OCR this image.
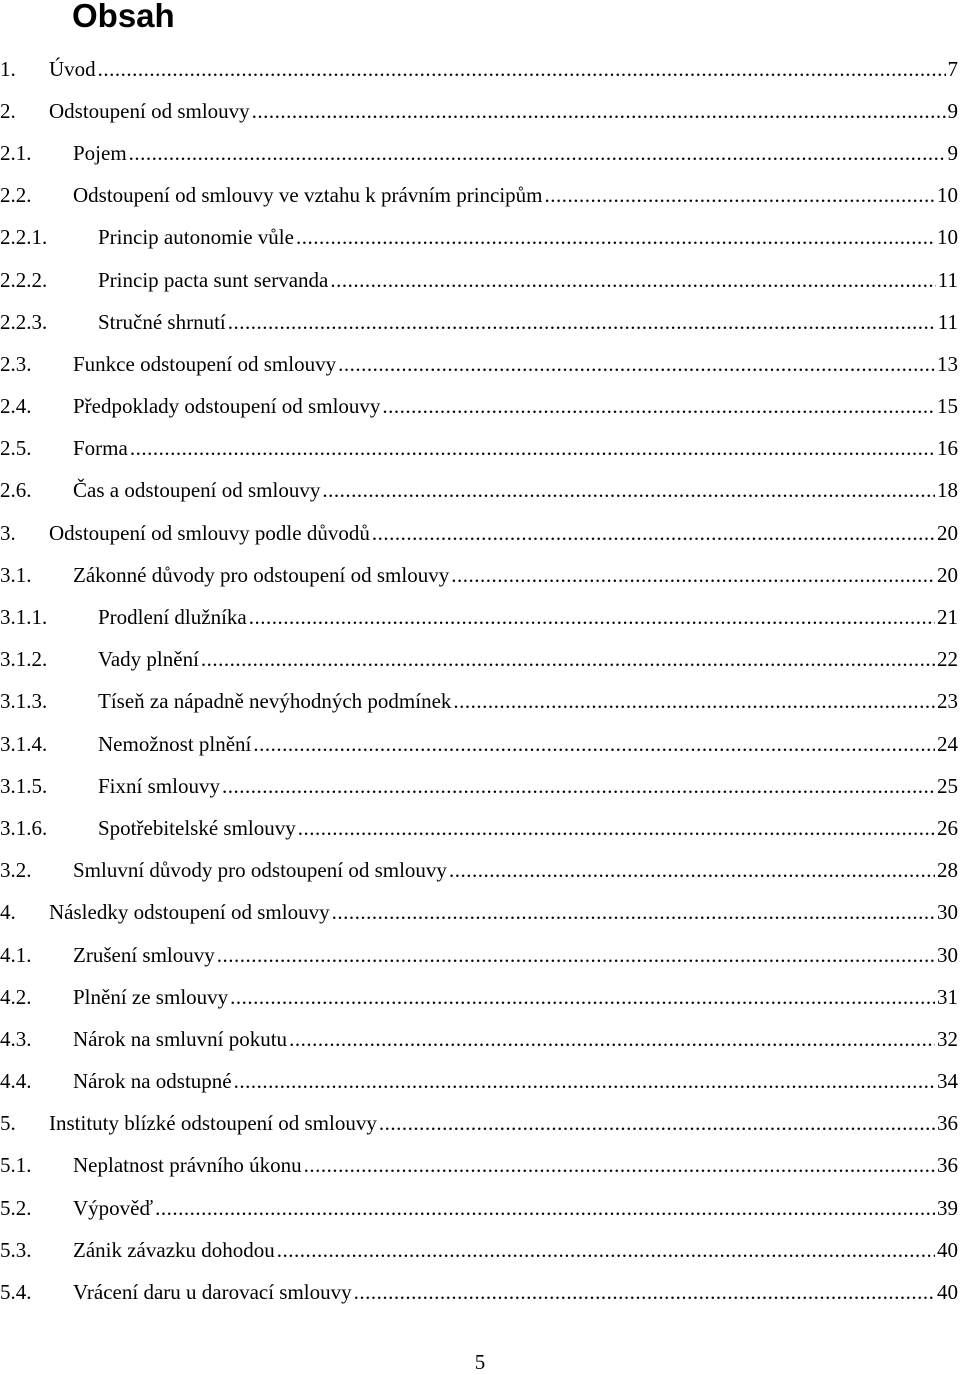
Obsah
1.	Úvod .....	7
2.	Odstoupení od smlouvy .....	9
2.1.	Pojem .....	9
2.2.	Odstoupení od smlouvy ve vztahu k právním principům .....	10
2.2.1.	Princip autonomie vůle .....	10
2.2.2.	Princip pacta sunt servanda .....	11
2.2.3.	Stručné shrnutí .....	11
2.3.	Funkce odstoupení od smlouvy .....	13
2.4.	Předpoklady odstoupení od smlouvy .....	15
2.5.	Forma .....	16
2.6.	Čas a odstoupení od smlouvy .....	18
3.	Odstoupení od smlouvy podle důvodů .....	20
3.1.	Zákonné důvody pro odstoupení od smlouvy .....	20
3.1.1.	Prodlení dlužníka .....	21
3.1.2.	Vady plnění .....	22
3.1.3.	Tíseň za nápadně nevýhodných podmínek .....	23
3.1.4.	Nemožnost plnění .....	24
3.1.5.	Fixní smlouvy .....	25
3.1.6.	Spotřebitelské smlouvy .....	26
3.2.	Smluvní důvody pro odstoupení od smlouvy .....	28
4.	Následky odstoupení od smlouvy .....	30
4.1.	Zrušení smlouvy .....	30
4.2.	Plnění ze smlouvy .....	31
4.3.	Nárok na smluvní pokutu .....	32
4.4.	Nárok na odstupné .....	34
5.	Instituty blízké odstoupení od smlouvy .....	36
5.1.	Neplatnost právního úkonu .....	36
5.2.	Výpověď .....	39
5.3.	Zánik závazku dohodou .....	40
5.4.	Vrácení daru u darovací smlouvy .....	40
5
